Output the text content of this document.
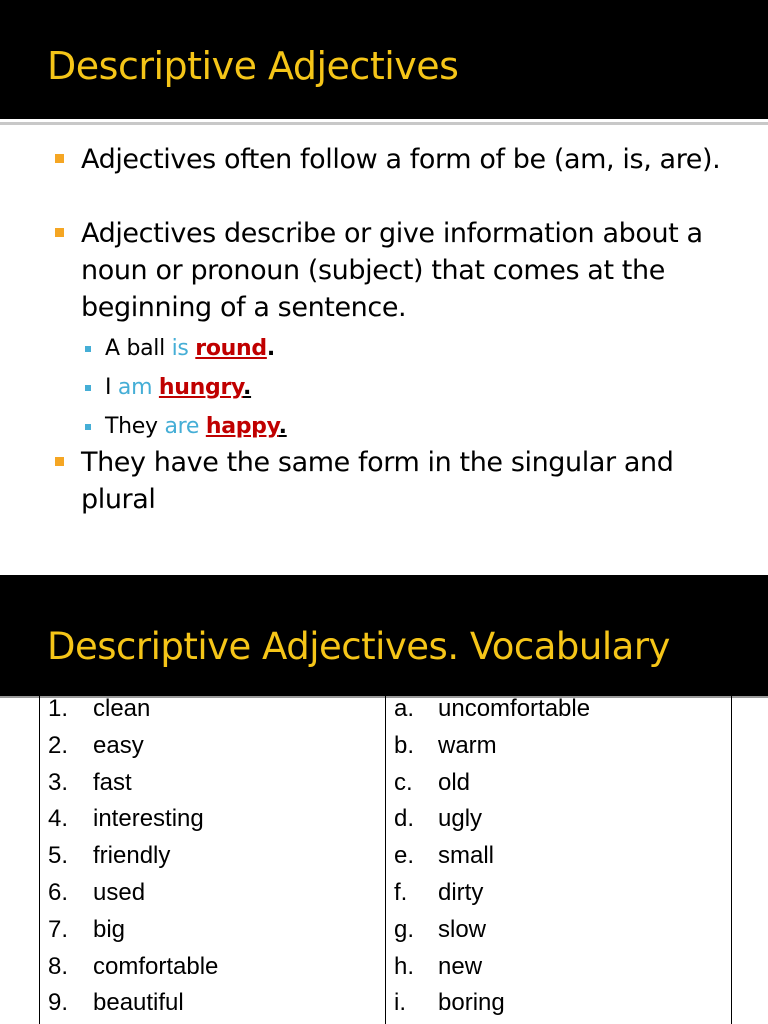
Descriptive Adjectives
Adjectives often follow a form of be (am, is, are).
Adjectives describe or give information about a noun or pronoun (subject) that comes at the beginning of a sentence.
A ball is round.
I am hungry.
They are happy.
They have the same form in the singular and plural
Descriptive Adjectives. Vocabulary
1. clean	a. uncomfortable
2. easy	b. warm
3. fast	c. old
4. interesting	d. ugly
5. friendly	e. small
6. used	f. dirty
7. big	g. slow
8. comfortable	h. new
9. beautiful	i. boring
